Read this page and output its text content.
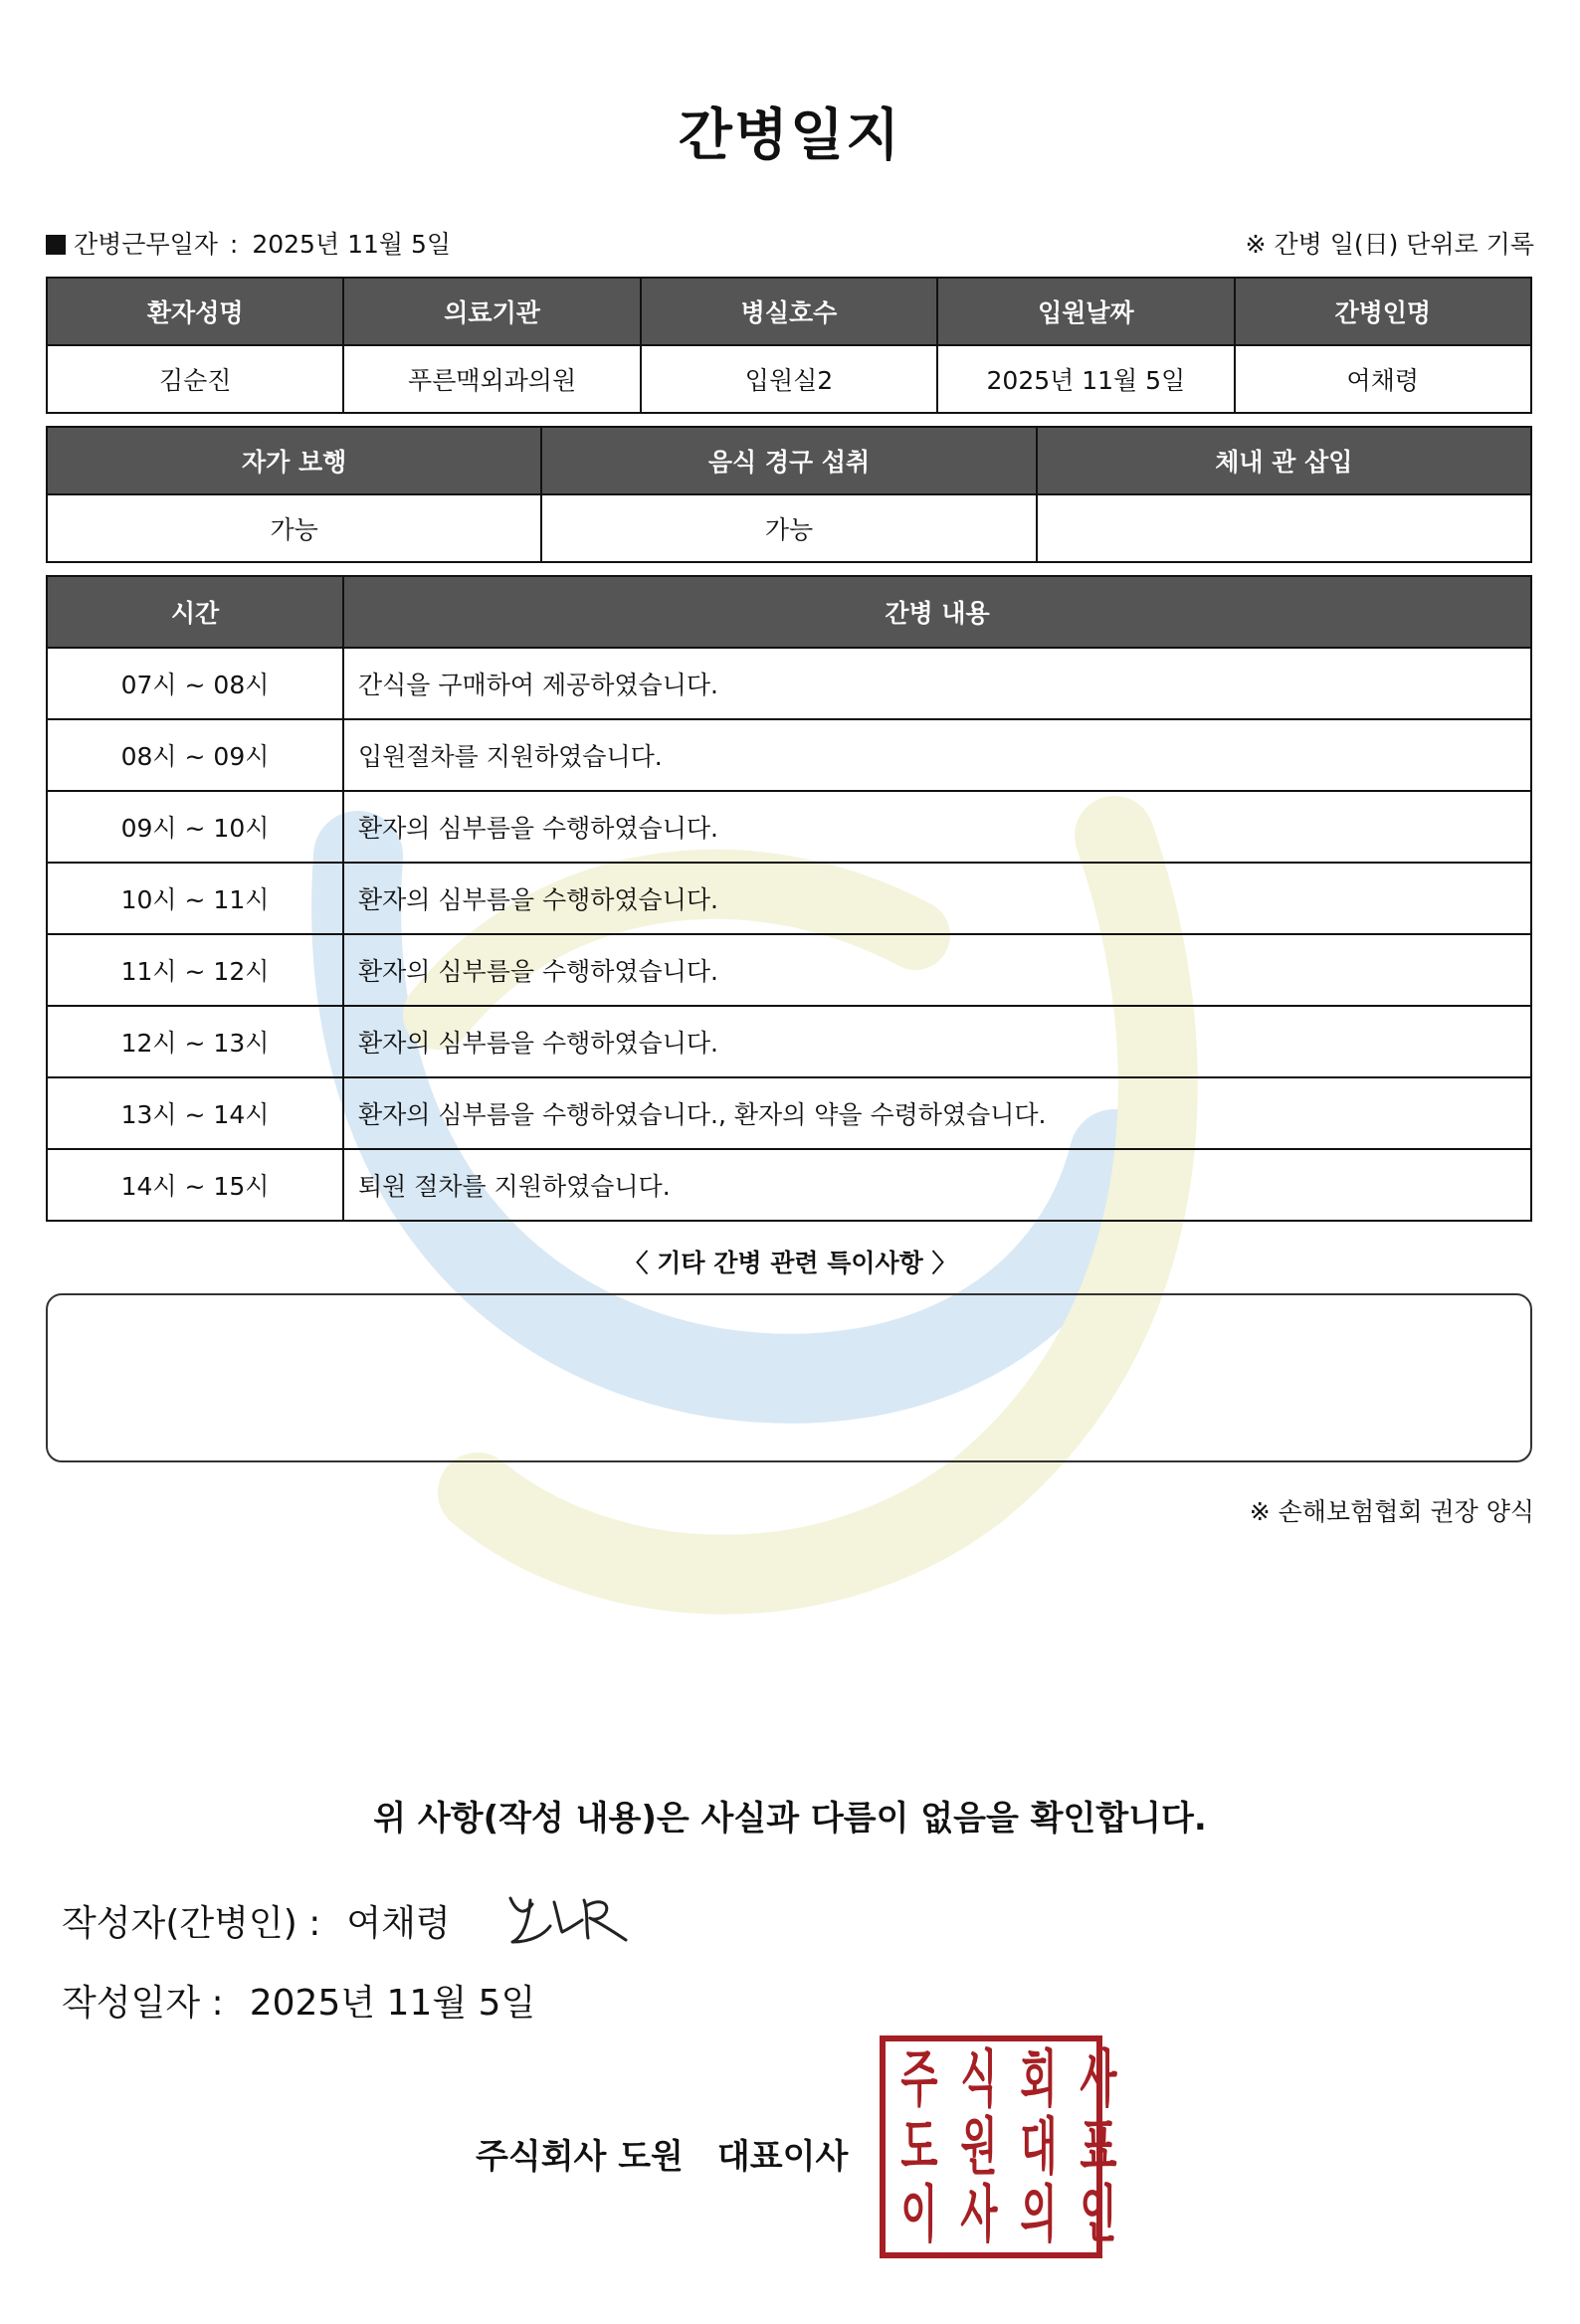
간병일지
간병근무일자 : 2025년 11월 5일	※ 간병 일(日) 단위로 기록
환자성명	의료기관	병실호수	입원날짜	간병인명
김순진	푸른맥외과의원	입원실2	2025년 11월 5일	여채령
자가 보행	음식 경구 섭취	체내 관 삽입
가능	가능	
시간	간병 내용
07시 ~ 08시	간식을 구매하여 제공하였습니다.
08시 ~ 09시	입원절차를 지원하였습니다.
09시 ~ 10시	환자의 심부름을 수행하였습니다.
10시 ~ 11시	환자의 심부름을 수행하였습니다.
11시 ~ 12시	환자의 심부름을 수행하였습니다.
12시 ~ 13시	환자의 심부름을 수행하였습니다.
13시 ~ 14시	환자의 심부름을 수행하였습니다., 환자의 약을 수령하였습니다.
14시 ~ 15시	퇴원 절차를 지원하였습니다.
〈 기타 간병 관련 특이사항 〉
※ 손해보험협회 권장 양식
위 사항(작성 내용)은 사실과 다름이 없음을 확인합니다.
작성자(간병인) : 여채령
작성일자 : 2025년 11월 5일
주식회사 도원 대표이사
주 식 회 사
도 원 대 표
이 사 의 인
